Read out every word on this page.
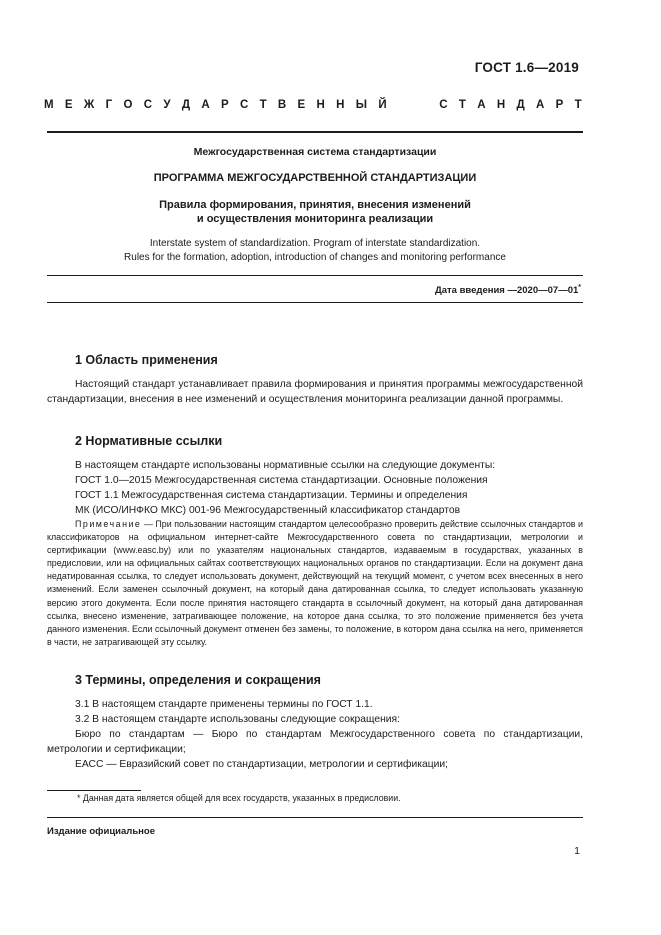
ГОСТ 1.6—2019
М Е Ж Г О С У Д А Р С Т В Е Н Н Ы Й	С Т А Н Д А Р Т
Межгосударственная система стандартизации
ПРОГРАММА МЕЖГОСУДАРСТВЕННОЙ СТАНДАРТИЗАЦИИ
Правила формирования, принятия, внесения изменений
и осуществления мониторинга реализации
Interstate system of standardization. Program of interstate standardization.
Rules for the formation, adoption, introduction of changes and monitoring performance
Дата введения —2020—07—01*
1 Область применения
Настоящий стандарт устанавливает правила формирования и принятия программы межгосударственной стандартизации, внесения в нее изменений и осуществления мониторинга реализации данной программы.
2 Нормативные ссылки
В настоящем стандарте использованы нормативные ссылки на следующие документы:
ГОСТ 1.0—2015 Межгосударственная система стандартизации. Основные положения
ГОСТ 1.1 Межгосударственная система стандартизации. Термины и определения
МК (ИСО/ИНФКО МКС) 001-96 Межгосударственный классификатор стандартов
Примечание — При пользовании настоящим стандартом целесообразно проверить действие ссылочных стандартов и классификаторов на официальном интернет-сайте Межгосударственного совета по стандартизации, метрологии и сертификации (www.easc.by) или по указателям национальных стандартов, издаваемым в государствах, указанных в предисловии, или на официальных сайтах соответствующих национальных органов по стандартизации. Если на документ дана недатированная ссылка, то следует использовать документ, действующий на текущий момент, с учетом всех внесенных в него изменений. Если заменен ссылочный документ, на который дана датированная ссылка, то следует использовать указанную версию этого документа. Если после принятия настоящего стандарта в ссылочный документ, на который дана датированная ссылка, внесено изменение, затрагивающее положение, на которое дана ссылка, то это положение применяется без учета данного изменения. Если ссылочный документ отменен без замены, то положение, в котором дана ссылка на него, применяется в части, не затрагивающей эту ссылку.
3 Термины, определения и сокращения
3.1 В настоящем стандарте применены термины по ГОСТ 1.1.
3.2 В настоящем стандарте использованы следующие сокращения:
Бюро по стандартам — Бюро по стандартам Межгосударственного совета по стандартизации, метрологии и сертификации;
ЕАСС — Евразийский совет по стандартизации, метрологии и сертификации;
* Данная дата является общей для всех государств, указанных в предисловии.
Издание официальное
1
